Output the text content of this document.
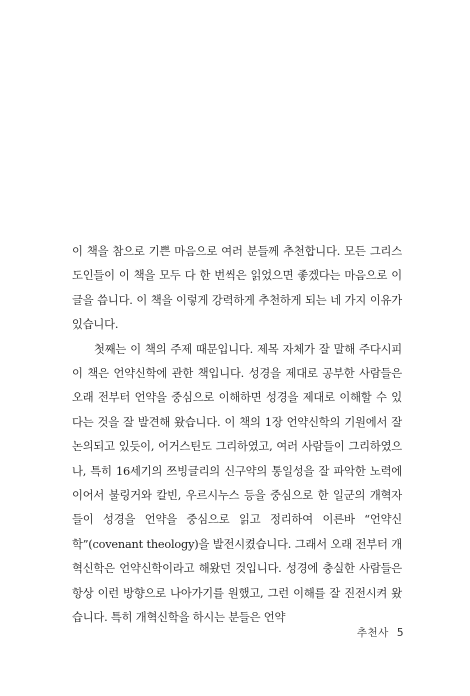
이 책을 참으로 기쁜 마음으로 여러 분들께 추천합니다. 모든 그리스도인들이 이 책을 모두 다 한 번씩은 읽었으면 좋겠다는 마음으로 이 글을 씁니다. 이 책을 이렇게 강력하게 추천하게 되는 네 가지 이유가 있습니다.

첫째는 이 책의 주제 때문입니다. 제목 자체가 잘 말해 주다시피 이 책은 언약신학에 관한 책입니다. 성경을 제대로 공부한 사람들은 오래 전부터 언약을 중심으로 이해하면 성경을 제대로 이해할 수 있다는 것을 잘 발견해 왔습니다. 이 책의 1장 언약신학의 기원에서 잘 논의되고 있듯이, 어거스틴도 그리하였고, 여러 사람들이 그리하였으나, 특히 16세기의 쯔빙글리의 신구약의 통일성을 잘 파악한 노력에 이어서 불링거와 칼빈, 우르시누스 등을 중심으로 한 일군의 개혁자들이 성경을 언약을 중심으로 읽고 정리하여 이른바 “언약신학”(covenant theology)을 발전시켰습니다. 그래서 오래 전부터 개혁신학은 언약신학이라고 해왔던 것입니다. 성경에 충실한 사람들은 항상 이런 방향으로 나아가기를 원했고, 그런 이해를 잘 진전시켜 왔습니다. 특히 개혁신학을 하시는 분들은 언약

추천사 5
